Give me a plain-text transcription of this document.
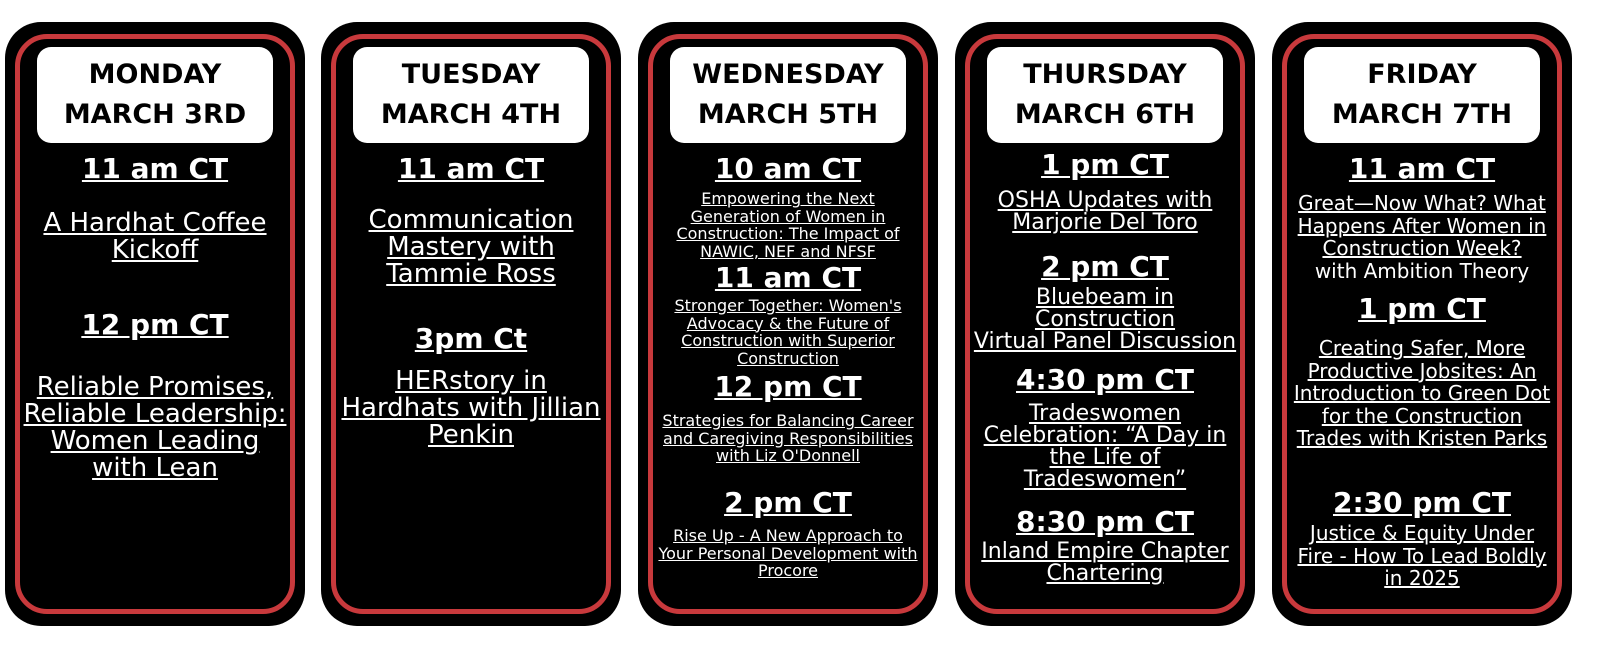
MONDAY
MARCH 3RD

11 am CT

A Hardhat Coffee Kickoff

12 pm CT

Reliable Promises, Reliable Leadership: Women Leading with Lean

TUESDAY
MARCH 4TH

11 am CT

Communication Mastery with Tammie Ross

3pm Ct

HERstory in Hardhats with Jillian Penkin

WEDNESDAY
MARCH 5TH

10 am CT

Empowering the Next Generation of Women in Construction: The Impact of NAWIC, NEF and NFSF

11 am CT

Stronger Together: Women's Advocacy & the Future of Construction with Superior Construction

12 pm CT

Strategies for Balancing Career and Caregiving Responsibilities with Liz O'Donnell

2 pm CT

Rise Up - A New Approach to Your Personal Development with Procore

THURSDAY
MARCH 6TH

1 pm CT

OSHA Updates with Marjorie Del Toro

2 pm CT

Bluebeam in Construction
Virtual Panel Discussion

4:30 pm CT

Tradeswomen Celebration: “A Day in the Life of Tradeswomen”

8:30 pm CT

Inland Empire Chapter Chartering

FRIDAY
MARCH 7TH

11 am CT

Great—Now What? What Happens After Women in Construction Week?with Ambition Theory

1 pm CT

Creating Safer, More Productive Jobsites: An Introduction to Green Dot for the Construction Trades with Kristen Parks

2:30 pm CT

Justice & Equity Under Fire - How To Lead Boldly in 2025
